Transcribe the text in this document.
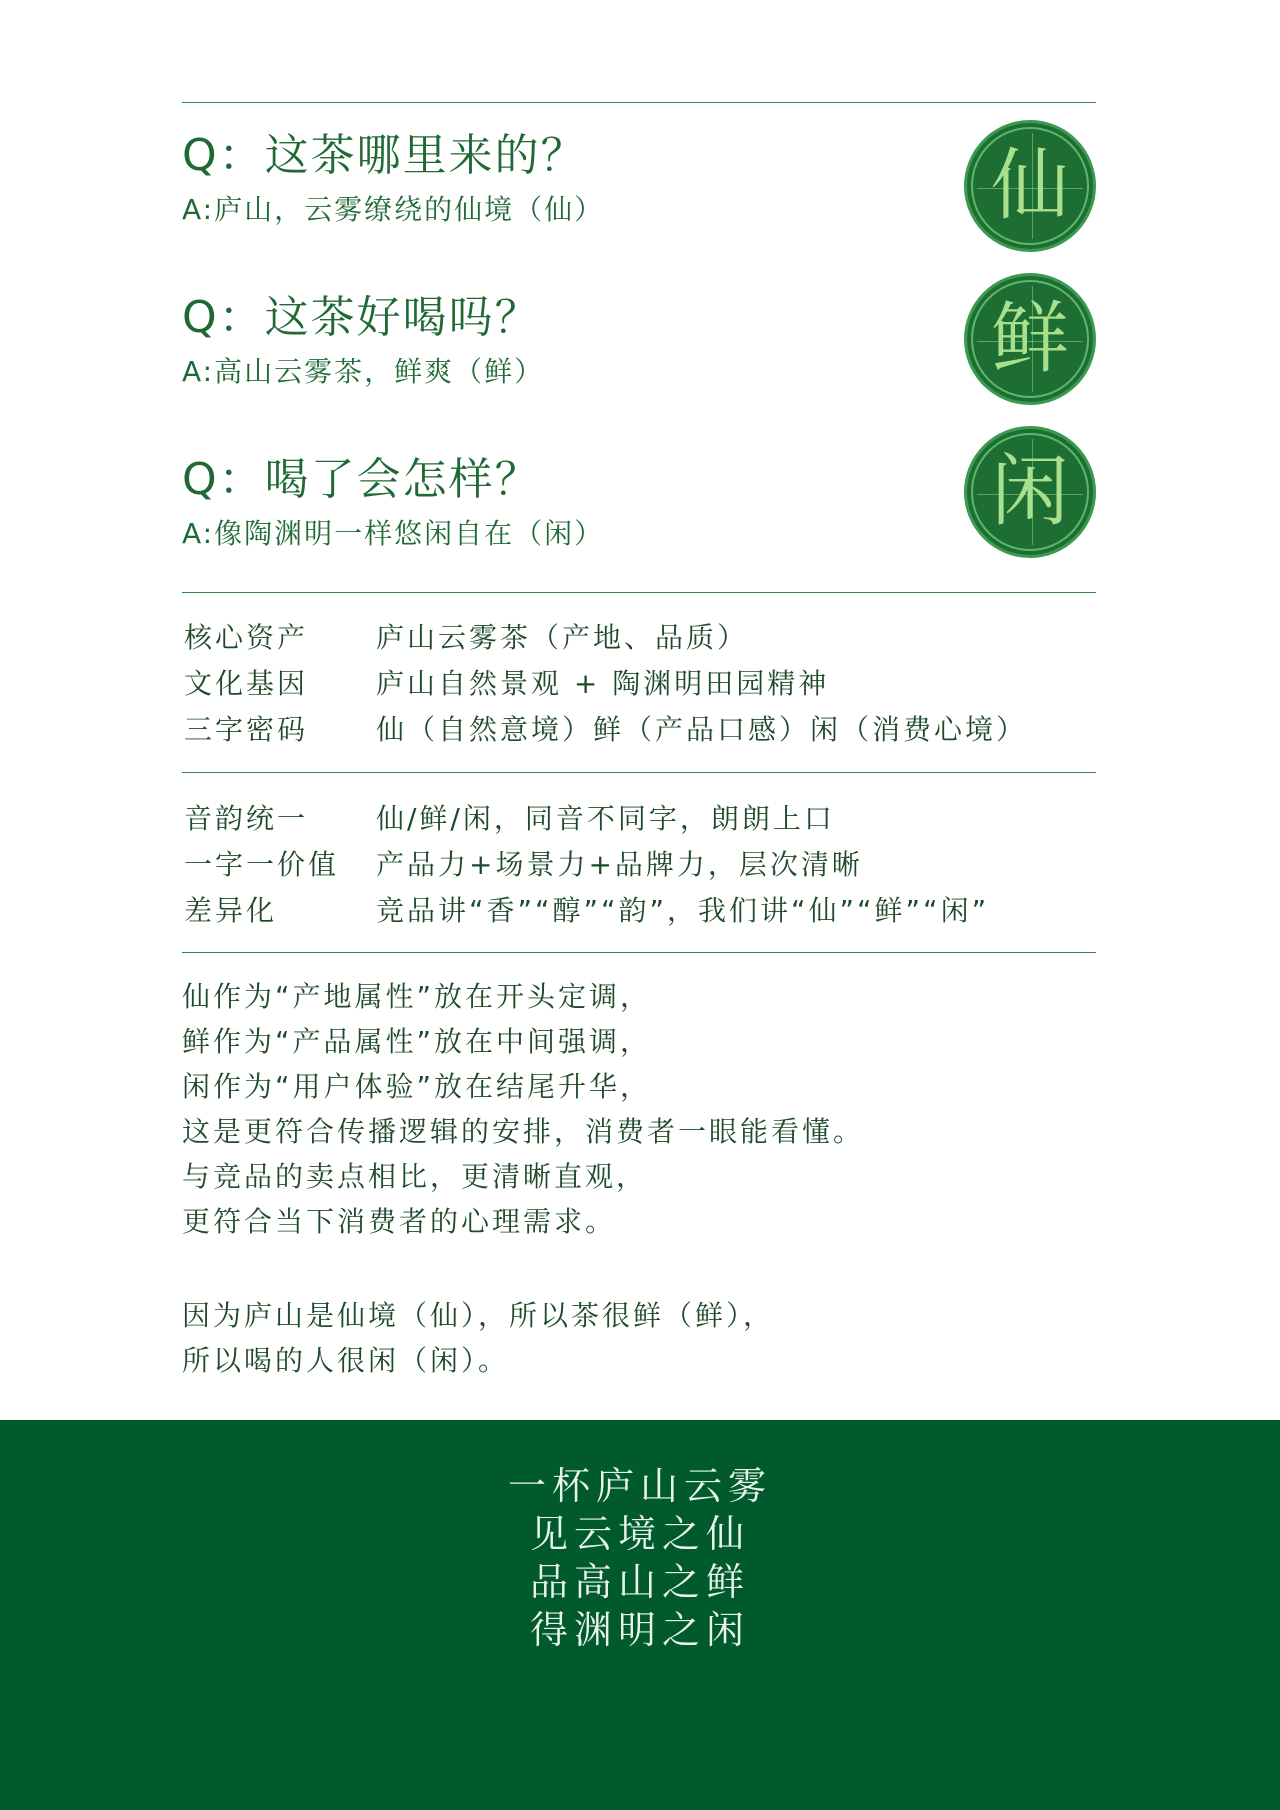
Q：这茶哪里来的？
A:庐山，云雾缭绕的仙境（仙）	仙
Q：这茶好喝吗？
A:高山云雾茶，鲜爽（鲜）	鲜
Q：喝了会怎样？
A:像陶渊明一样悠闲自在（闲）	闲
核心资产	庐山云雾茶（产地、品质）
文化基因	庐山自然景观 + 陶渊明田园精神
三字密码	仙（自然意境）鲜（产品口感）闲（消费心境）
音韵统一	仙/鲜/闲，同音不同字，朗朗上口
一字一价值	产品力+场景力+品牌力，层次清晰
差异化	竞品讲“香”“醇”“韵”，我们讲“仙”“鲜”“闲”
仙作为“产地属性”放在开头定调，
鲜作为“产品属性”放在中间强调，
闲作为“用户体验”放在结尾升华，
这是更符合传播逻辑的安排，消费者一眼能看懂。
与竞品的卖点相比，更清晰直观，
更符合当下消费者的心理需求。
因为庐山是仙境（仙），所以茶很鲜（鲜），
所以喝的人很闲（闲）。
一杯庐山云雾
见云境之仙
品高山之鲜
得渊明之闲
